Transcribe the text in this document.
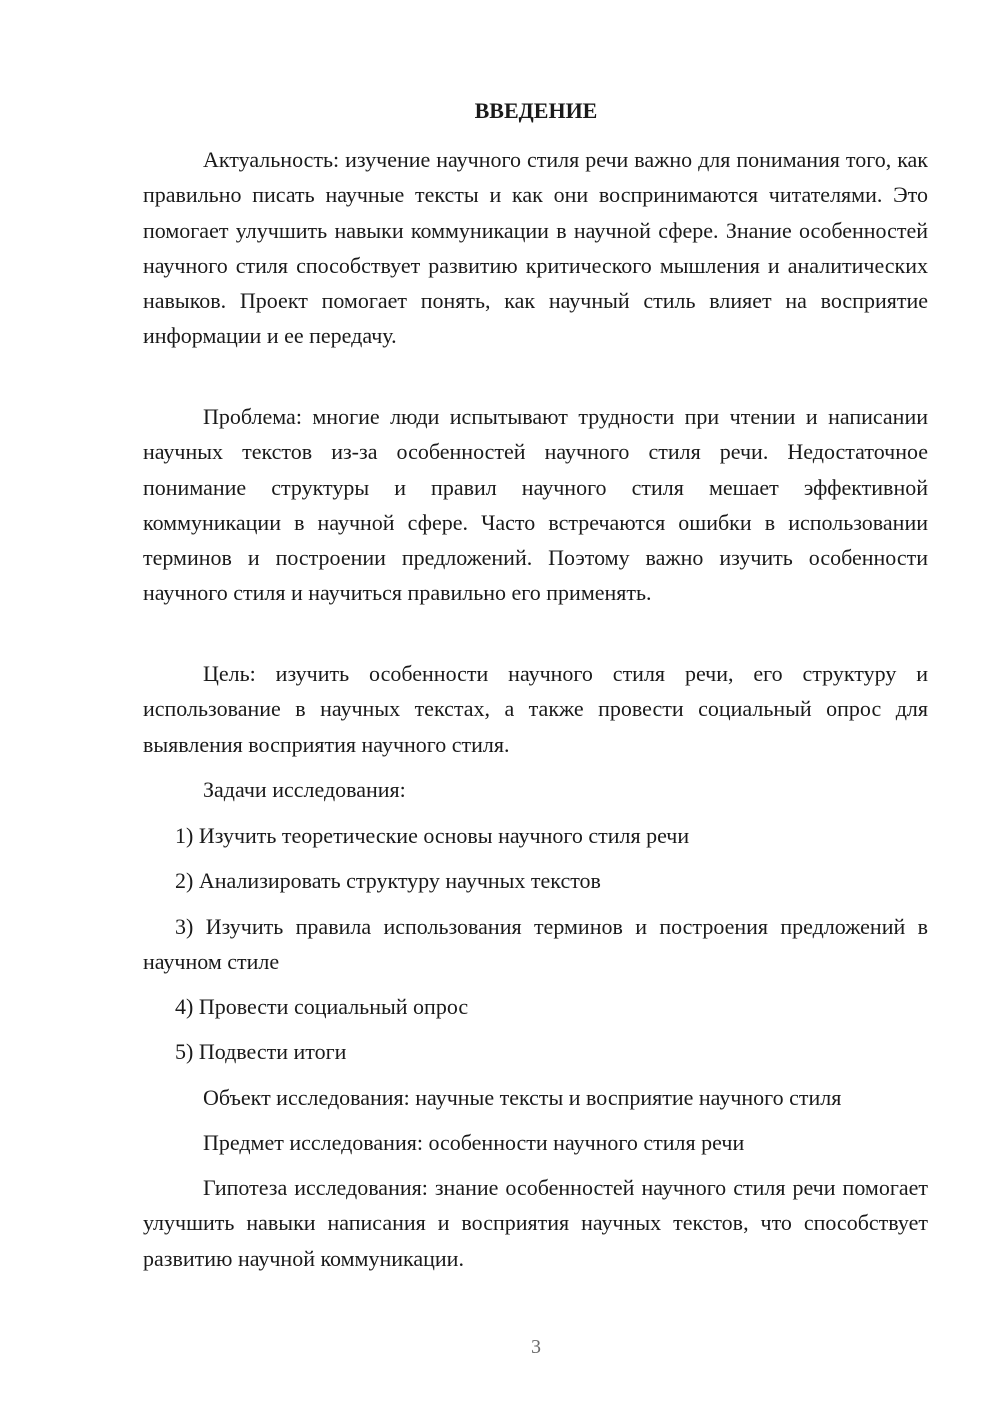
ВВЕДЕНИЕ

Актуальность: изучение научного стиля речи важно для понимания того, как правильно писать научные тексты и как они воспринимаются читателями. Это помогает улучшить навыки коммуникации в научной сфере. Знание особенностей научного стиля способствует развитию критического мышления и аналитических навыков. Проект помогает понять, как научный стиль влияет на восприятие информации и ее передачу.

Проблема: многие люди испытывают трудности при чтении и написании научных текстов из-за особенностей научного стиля речи. Недостаточное понимание структуры и правил научного стиля мешает эффективной коммуникации в научной сфере. Часто встречаются ошибки в использовании терминов и построении предложений. Поэтому важно изучить особенности научного стиля и научиться правильно его применять.

Цель: изучить особенности научного стиля речи, его структуру и использование в научных текстах, а также провести социальный опрос для выявления восприятия научного стиля.

Задачи исследования:

1) Изучить теоретические основы научного стиля речи

2) Анализировать структуру научных текстов

3) Изучить правила использования терминов и построения предложений в научном стиле

4) Провести социальный опрос

5) Подвести итоги

Объект исследования: научные тексты и восприятие научного стиля

Предмет исследования: особенности научного стиля речи

Гипотеза исследования: знание особенностей научного стиля речи помогает улучшить навыки написания и восприятия научных текстов, что способствует развитию научной коммуникации.

3
